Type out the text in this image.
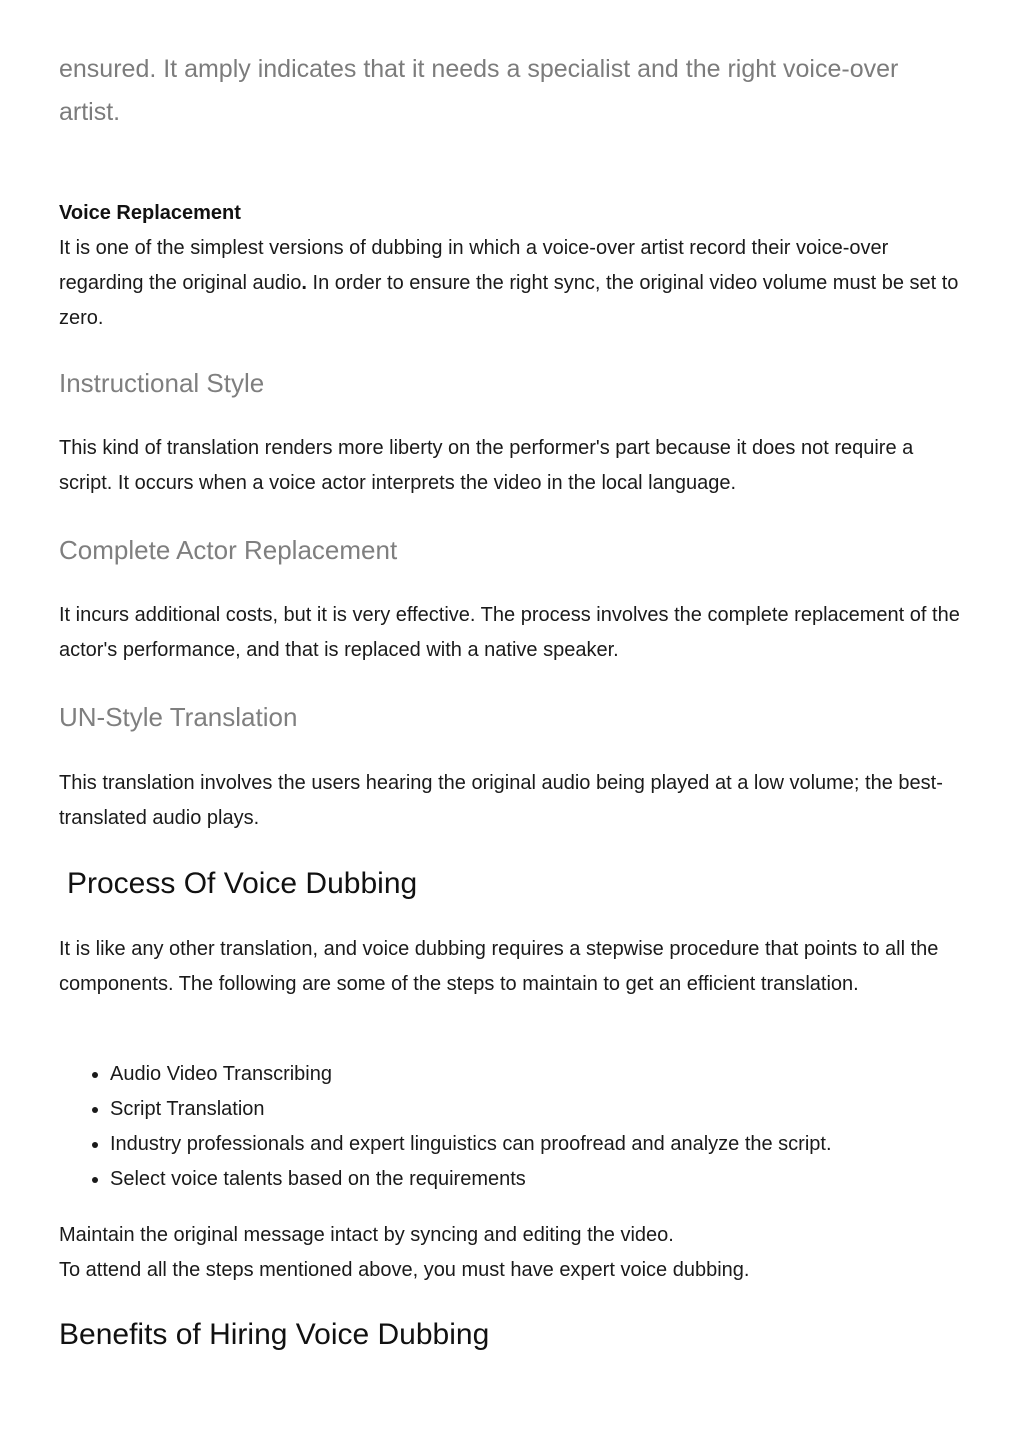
ensured. It amply indicates that it needs a specialist and the right voice-over artist.

Voice Replacement

It is one of the simplest versions of dubbing in which a voice-over artist record their voice-over regarding the original audio. In order to ensure the right sync, the original video volume must be set to zero.

Instructional Style

This kind of translation renders more liberty on the performer's part because it does not require a script. It occurs when a voice actor interprets the video in the local language.

Complete Actor Replacement

It incurs additional costs, but it is very effective. The process involves the complete replacement of the actor's performance, and that is replaced with a native speaker.

UN-Style Translation

This translation involves the users hearing the original audio being played at a low volume; the best-translated audio plays.

Process Of Voice Dubbing

It is like any other translation, and voice dubbing requires a stepwise procedure that points to all the components. The following are some of the steps to maintain to get an efficient translation.

• Audio Video Transcribing
• Script Translation
• Industry professionals and expert linguistics can proofread and analyze the script.
• Select voice talents based on the requirements

Maintain the original message intact by syncing and editing the video.
To attend all the steps mentioned above, you must have expert voice dubbing.

Benefits of Hiring Voice Dubbing
